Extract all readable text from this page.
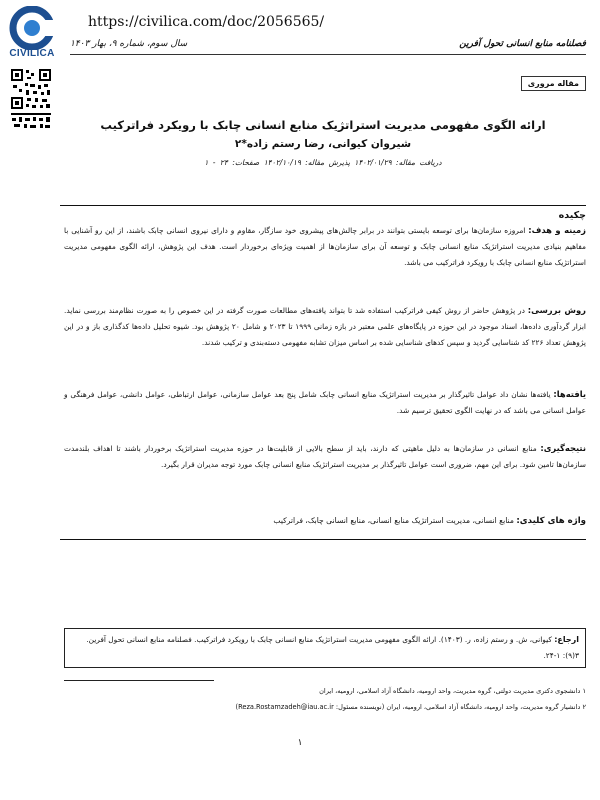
CIVILICA
https://civilica.com/doc/2056565/
فصلنامه منابع انسانی تحول آفرین
سال سوم، شماره ۹، بهار ۱۴۰۳
مقاله مروری
ارائه الگوی مفهومی مدیریت استراتژیک منابع انسانی چابک با رویکرد فراترکیب
شیروان کیوانی، رضا رستم زاده*۲
دریافت مقاله: ۱۴۰۲/۰۱/۲۹ پذیرش مقاله: ۱۴۰۲/۱۰/۱۹ صفحات: ۲۴ - ۱
چکیده
زمینه و هدف: امروزه سازمان‌ها برای توسعه بایستی بتوانند در برابر چالش‌های پیشروی خود سازگار، مقاوم و دارای نیروی انسانی چابک باشند، از این رو آشنایی با مفاهیم بنیادی مدیریت استراتژیک منابع انسانی چابک و توسعه آن برای سازمان‌ها از اهمیت ویژه‌ای برخوردار است. هدف این پژوهش، ارائه الگوی مفهومی مدیریت استراتژیک منابع انسانی چابک با رویکرد فراترکیب می باشد.
روش بررسی: در پژوهش حاضر از روش کیفی فراترکیب استفاده شد تا بتواند یافته‌های مطالعات صورت گرفته در این خصوص را به صورت نظام‌مند بررسی نماید. ابزار گردآوری داده‌ها، اسناد موجود در این حوزه در پایگاه‌های علمی معتبر در بازه زمانی ۱۹۹۹ تا ۲۰۲۳ و شامل ۲۰ پژوهش بود. شیوه تحلیل داده‌ها کدگذاری باز و در این پژوهش تعداد ۲۲۶ کد شناسایی گردید و سپس کدهای شناسایی شده بر اساس میزان تشابه مفهومی دسته‌بندی و ترکیب شدند.
یافته‌ها: یافته‌ها نشان داد عوامل تاثیرگذار بر مدیریت استراتژیک منابع انسانی چابک شامل پنج بعد عوامل سازمانی، عوامل ارتباطی، عوامل دانشی، عوامل فرهنگی و عوامل انسانی می باشد که در نهایت الگوی تحقیق ترسیم شد.
نتیجه‌گیری: منابع انسانی در سازمان‌ها به دلیل ماهیتی که دارند، باید از سطح بالایی از قابلیت‌ها در حوزه مدیریت استراتژیک برخوردار باشند تا اهداف بلندمدت سازمان‌ها تامین شود. برای این مهم، ضروری است عوامل تاثیرگذار بر مدیریت استراتژیک منابع انسانی چابک مورد توجه مدیران قرار بگیرد.
واژه های کلیدی: منابع انسانی، مدیریت استراتژیک منابع انسانی، منابع انسانی چابک، فراترکیب
ارجاع: کیوانی، ش. و رستم زاده، ر. (۱۴۰۳). ارائه الگوی مفهومی مدیریت استراتژیک منابع انسانی چابک با رویکرد فراترکیب. فصلنامه منابع انسانی تحول آفرین. ۳(۹): ۱-۲۴.
۱ دانشجوی دکتری مدیریت دولتی، گروه مدیریت، واحد ارومیه، دانشگاه آزاد اسلامی، ارومیه، ایران
۲ دانشیار گروه مدیریت، واحد ارومیه، دانشگاه آزاد اسلامی، ارومیه، ایران (نویسنده مسئول: Reza.Rostamzadeh@iau.ac.ir)
۱
